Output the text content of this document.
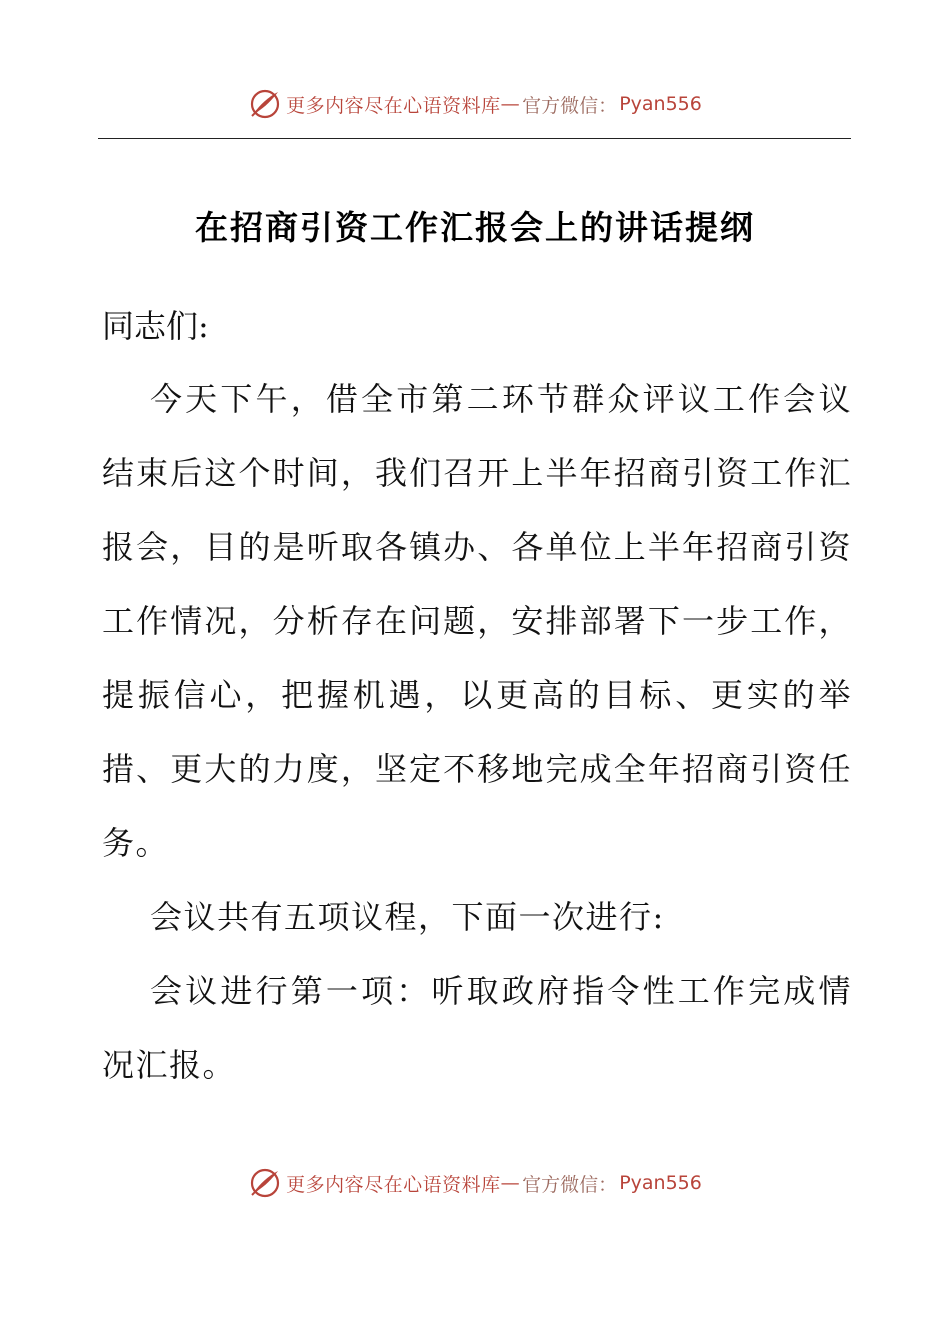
更多内容尽在心语资料库 — 官方微信： Pyan556
在招商引资工作汇报会上的讲话提纲

同志们:

今天下午，借全市第二环节群众评议工作会议结束后这个时间，我们召开上半年招商引资工作汇报会，目的是听取各镇办、各单位上半年招商引资工作情况，分析存在问题，安排部署下一步工作，提振信心，把握机遇，以更高的目标、更实的举措、更大的力度，坚定不移地完成全年招商引资任务。

会议共有五项议程，下面一次进行:

会议进行第一项：听取政府指令性工作完成情况汇报。

更多内容尽在心语资料库 — 官方微信： Pyan556
